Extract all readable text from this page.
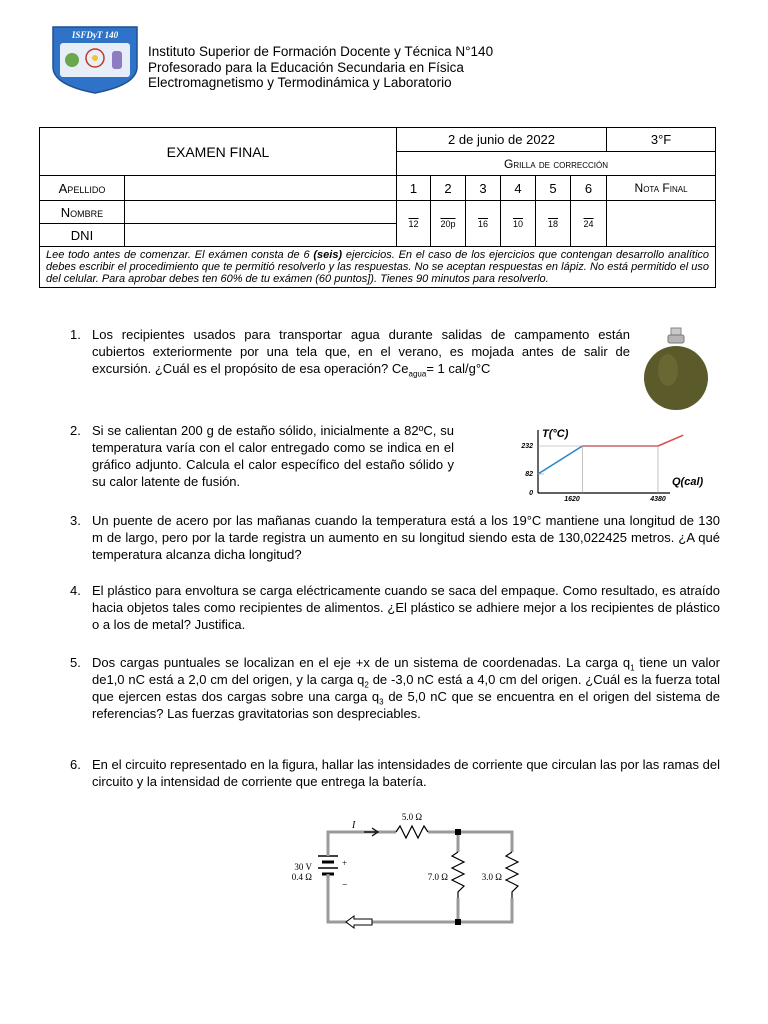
ISFDyT 140
Instituto Superior de Formación Docente y Técnica N°140
Profesorado para la Educación Secundaria en Física
Electromagnetismo y Termodinámica y Laboratorio
EXAMEN FINAL		2 de junio de 2022						3°F
		Grilla de corrección						
Apellido		1	2	3	4	5	6	Nota Final
Nombre		12	20p	16	10	18	24	
DNI								
Lee todo antes de comenzar. El exámen consta de 6 (seis) ejercicios. En el caso de los ejercicios que contengan desarrollo analítico debes escribir el procedimiento que te permitió resolverlo y las respuestas. No se aceptan respuestas en lápiz. No está permitido el uso del celular. Para aprobar debes ten 60% de tu exámen (60 puntos]). Tienes 90 minutos para resolverlo.								
1. Los recipientes usados para transportar agua durante salidas de campamento están cubiertos exteriormente por una tela que, en el verano, es mojada antes de salir de excursión. ¿Cuál es el propósito de esa operación? $Ce_{agua}= 1$ cal/g°C
2. Si se calientan 200 g de estaño sólido, inicialmente a 82ºC, su temperatura varía con el calor entregado como se indica en el gráfico adjunto. Calcula el calor específico del estaño sólido y su calor latente de fusión.
T(°C)
Q(cal)
232
82
0
1620	4380
3. Un puente de acero por las mañanas cuando la temperatura está a los 19°C mantiene una longitud de 130 m de largo, pero por la tarde registra un aumento en su longitud siendo esta de 130,022425 metros. ¿A qué temperatura alcanza dicha longitud?
4. El plástico para envoltura se carga eléctricamente cuando se saca del empaque. Como resultado, es atraído hacia objetos tales como recipientes de alimentos. ¿El plástico se adhiere mejor a los recipientes de plástico o a los de metal? Justifica.
5. Dos cargas puntuales se localizan en el eje +x de un sistema de coordenadas. La carga $q_1$ tiene un valor de1,0 nC está a 2,0 cm del origen, y la carga $q_2$ de -3,0 nC está a 4,0 cm del origen. ¿Cuál es la fuerza total que ejercen estas dos cargas sobre una carga $q_3$ de 5,0 nC que se encuentra en el origen del sistema de referencias? Las fuerzas gravitatorias son despreciables.
6. En el circuito representado en la figura, hallar las intensidades de corriente que circulan las por las ramas del circuito y la intensidad de corriente que entrega la batería.
I
5.0 Ω
7.0 Ω	3.0 Ω
30 V
0.4 Ω
+
−
